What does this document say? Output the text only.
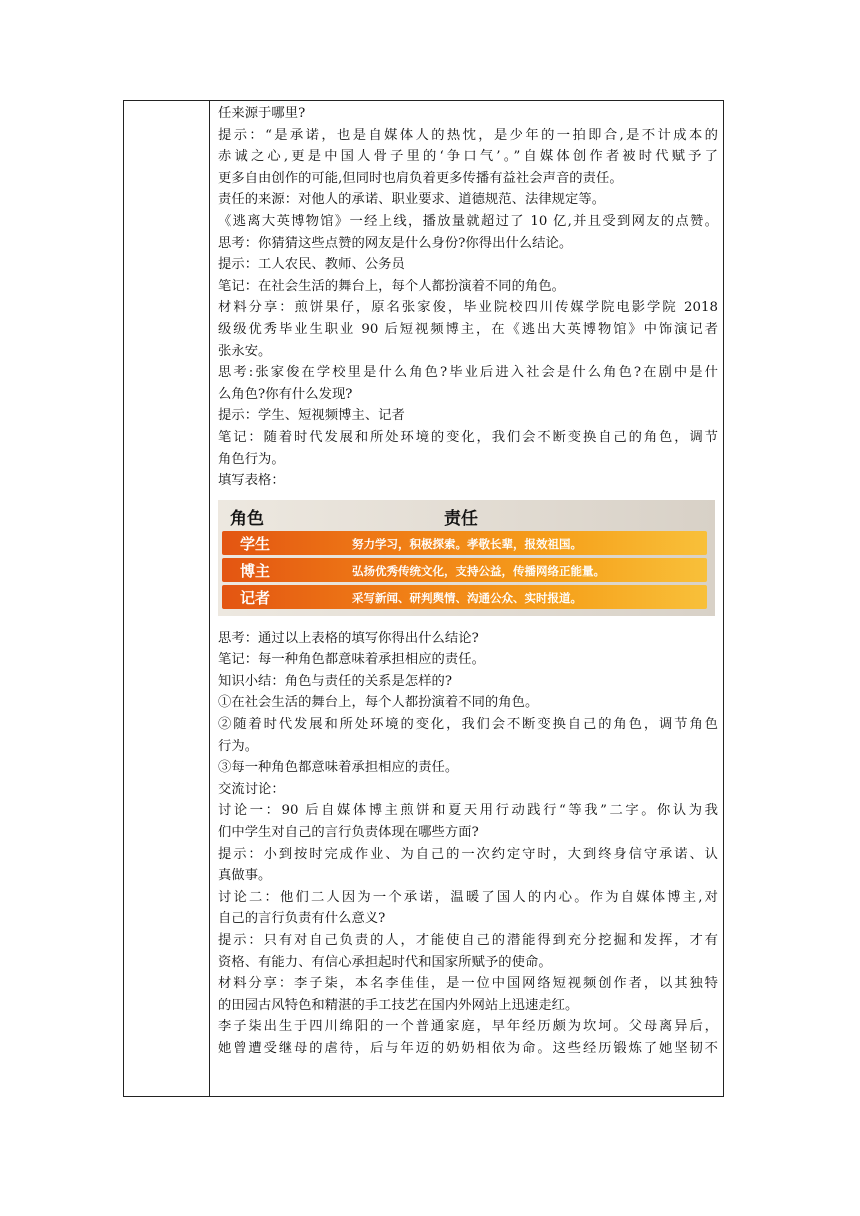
任来源于哪里?
提示：“是承诺，也是自媒体人的热忱，是少年的一拍即合,是不计成本的
赤诚之心,更是中国人骨子里的‘争口气’。”自媒体创作者被时代赋予了
更多自由创作的可能,但同时也肩负着更多传播有益社会声音的责任。
责任的来源：对他人的承诺、职业要求、道德规范、法律规定等。
《逃离大英博物馆》一经上线，播放量就超过了 10 亿,并且受到网友的点赞。
思考：你猜猜这些点赞的网友是什么身份?你得出什么结论。
提示：工人农民、教师、公务员
笔记：在社会生活的舞台上，每个人都扮演着不同的角色。
材料分享：煎饼果仔，原名张家俊，毕业院校四川传媒学院电影学院 2018
级级优秀毕业生职业 90 后短视频博主，在《逃出大英博物馆》中饰演记者
张永安。
思考:张家俊在学校里是什么角色?毕业后进入社会是什么角色?在剧中是什
么角色?你有什么发现?
提示：学生、短视频博主、记者
笔记：随着时代发展和所处环境的变化，我们会不断变换自己的角色，调节
角色行为。
填写表格：
角色	责任
学生	努力学习，积极探索。孝敬长辈，报效祖国。
博主	弘扬优秀传统文化，支持公益，传播网络正能量。
记者	采写新闻、研判舆情、沟通公众、实时报道。
思考：通过以上表格的填写你得出什么结论?
笔记：每一种角色都意味着承担相应的责任。
知识小结：角色与责任的关系是怎样的?
①在社会生活的舞台上，每个人都扮演着不同的角色。
②随着时代发展和所处环境的变化，我们会不断变换自己的角色，调节角色
行为。
③每一种角色都意味着承担相应的责任。
交流讨论：
讨论一：90 后自媒体博主煎饼和夏天用行动践行“等我”二字。你认为我
们中学生对自己的言行负责体现在哪些方面?
提示：小到按时完成作业、为自己的一次约定守时，大到终身信守承诺、认
真做事。
讨论二：他们二人因为一个承诺，温暖了国人的内心。作为自媒体博主,对
自己的言行负责有什么意义?
提示：只有对自己负责的人，才能使自己的潜能得到充分挖掘和发挥，才有
资格、有能力、有信心承担起时代和国家所赋予的使命。
材料分享：李子柒，本名李佳佳，是一位中国网络短视频创作者，以其独特
的田园古风特色和精湛的手工技艺在国内外网站上迅速走红。
李子柒出生于四川绵阳的一个普通家庭，早年经历颇为坎坷。父母离异后，
她曾遭受继母的虐待，后与年迈的奶奶相依为命。这些经历锻炼了她坚韧不
